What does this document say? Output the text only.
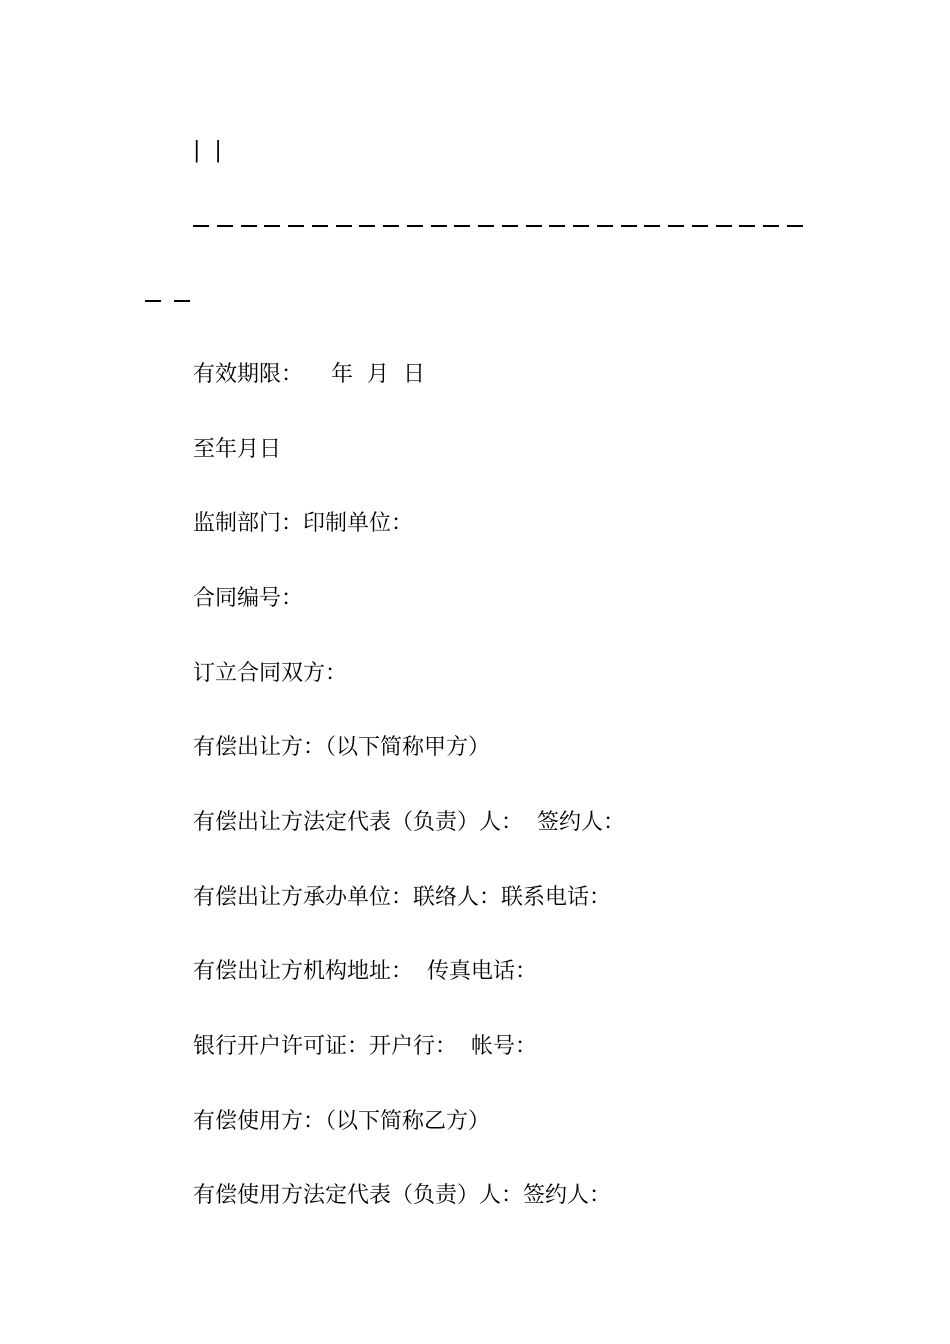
|  |
有效期限：    年  月  日
至年月日
监制部门：印制单位：
合同编号：
订立合同双方：
有偿出让方：（以下简称甲方）
有偿出让方法定代表（负责）人：  签约人：
有偿出让方承办单位：联络人：联系电话：
有偿出让方机构地址：  传真电话：
银行开户许可证：开户行：  帐号：
有偿使用方：（以下简称乙方）
有偿使用方法定代表（负责）人：签约人：
